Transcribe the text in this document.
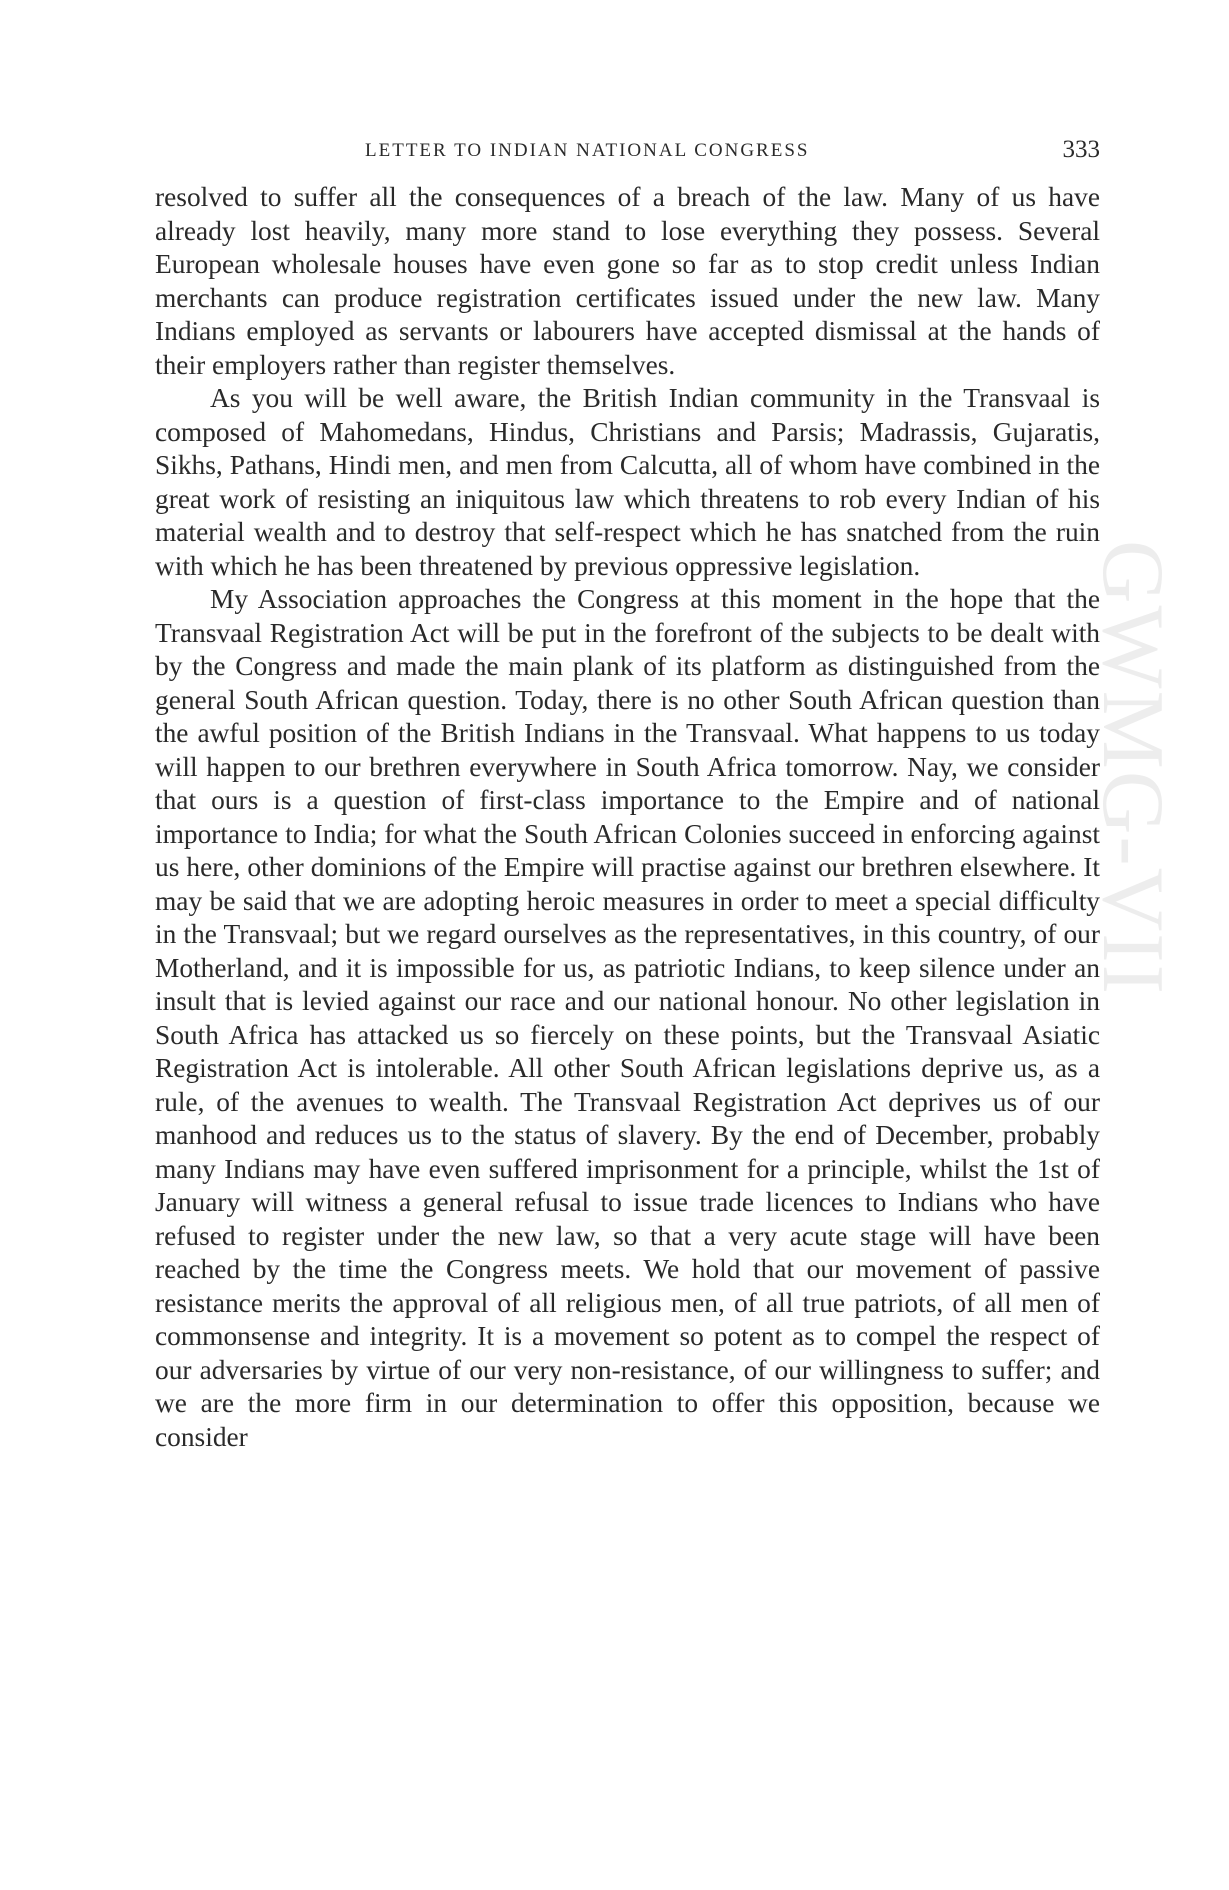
GWMG-VII
LETTER TO INDIAN NATIONAL CONGRESS	333

resolved to suffer all the consequences of a breach of the law. Many of us have already lost heavily, many more stand to lose everything they possess. Several European wholesale houses have even gone so far as to stop credit unless Indian merchants can produce registration certificates issued under the new law. Many Indians employed as servants or labourers have accepted dismissal at the hands of their employers rather than register themselves.

As you will be well aware, the British Indian community in the Transvaal is composed of Mahomedans, Hindus, Christians and Parsis; Madrassis, Gujaratis, Sikhs, Pathans, Hindi men, and men from Calcutta, all of whom have combined in the great work of resisting an iniquitous law which threatens to rob every Indian of his material wealth and to destroy that self-respect which he has snatched from the ruin with which he has been threatened by previous oppressive legislation.

My Association approaches the Congress at this moment in the hope that the Transvaal Registration Act will be put in the forefront of the subjects to be dealt with by the Congress and made the main plank of its platform as distinguished from the general South African question. Today, there is no other South African question than the awful position of the British Indians in the Transvaal. What happens to us today will happen to our brethren everywhere in South Africa tomorrow. Nay, we consider that ours is a question of first-class importance to the Empire and of national importance to India; for what the South African Colonies succeed in enforcing against us here, other dominions of the Empire will practise against our brethren elsewhere. It may be said that we are adopting heroic measures in order to meet a special difficulty in the Transvaal; but we regard ourselves as the representatives, in this country, of our Motherland, and it is impossible for us, as patriotic Indians, to keep silence under an insult that is levied against our race and our national honour. No other legislation in South Africa has attacked us so fiercely on these points, but the Transvaal Asiatic Registration Act is intolerable. All other South African legislations deprive us, as a rule, of the avenues to wealth. The Transvaal Registration Act deprives us of our manhood and reduces us to the status of slavery. By the end of December, probably many Indians may have even suffered imprisonment for a principle, whilst the 1st of January will witness a general refusal to issue trade licences to Indians who have refused to register under the new law, so that a very acute stage will have been reached by the time the Congress meets. We hold that our movement of passive resistance merits the approval of all religious men, of all true patriots, of all men of commonsense and integrity. It is a movement so potent as to compel the respect of our adversaries by virtue of our very non-resistance, of our willingness to suffer; and we are the more firm in our determination to offer this opposition, because we consider
